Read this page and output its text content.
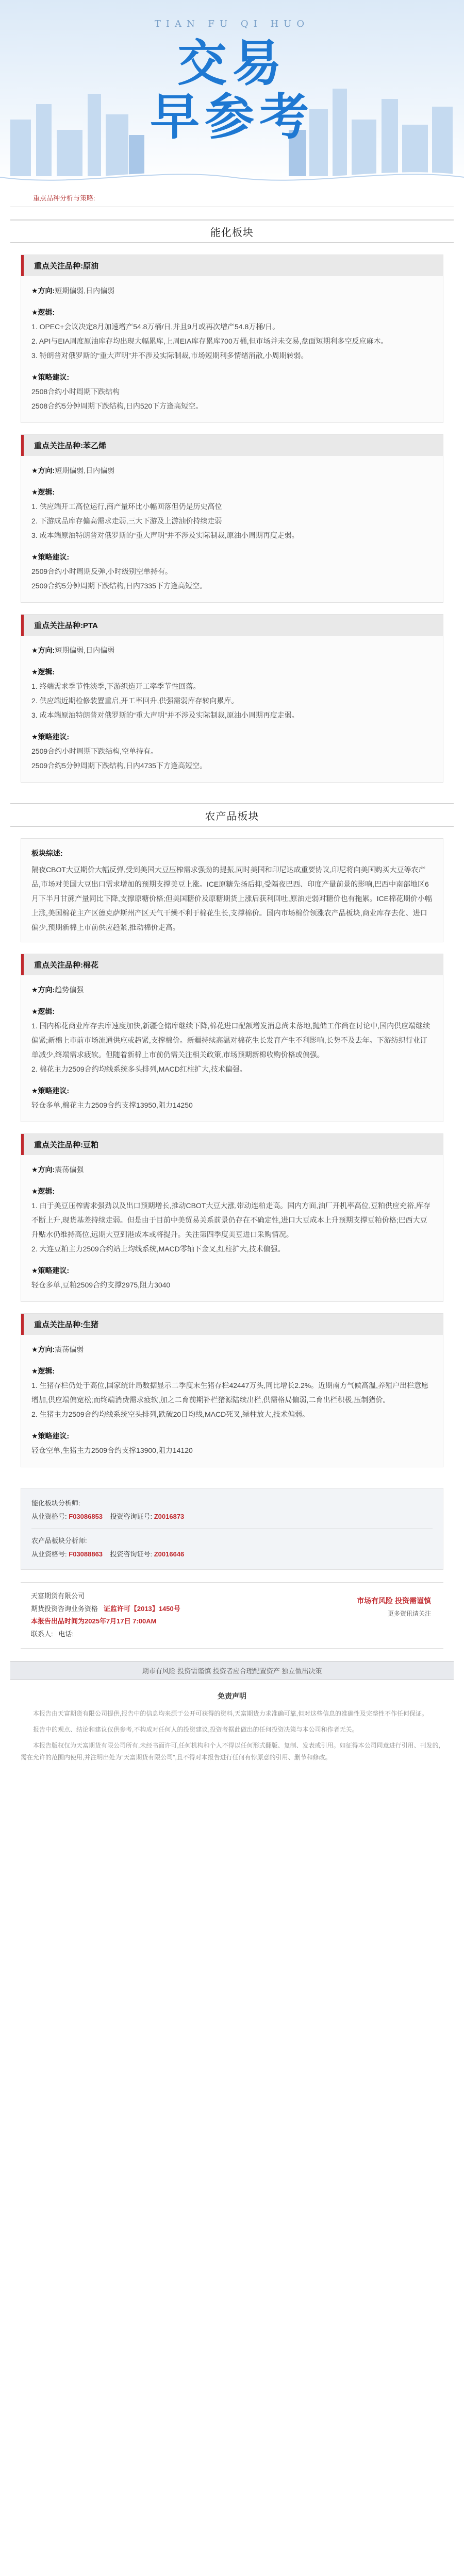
TIAN FU QI HUO
交易
早参考
重点品种分析与策略:
能化板块
重点关注品种:原油

★方向:短期偏弱,日内偏弱

★逻辑:

1. OPEC+会议决定8月加速增产54.8万桶/日,并且9月或再次增产54.8万桶/日。

2. API与EIA周度原油库存均出现大幅累库,上周EIA库存累库700万桶,但市场并未交易,盘面短期利多空反应麻木。

3. 特朗普对俄罗斯的“重大声明”并不涉及实际制裁,市场短期利多情绪消散,小周期转弱。

★策略建议:

2508合约小时周期下跌结构

2508合约5分钟周期下跌结构,日内520下方逢高短空。

重点关注品种:苯乙烯

★方向:短期偏弱,日内偏弱

★逻辑:

1. 供应端开工高位运行,商产量环比小幅回落但仍是历史高位

2. 下游成品库存偏高需求走弱,三大下游及上游油价持续走弱

3. 成本端原油特朗普对俄罗斯的“重大声明”并不涉及实际制裁,原油小周期再度走弱。

★策略建议:

2509合约小时周期反弹,小时级别空单持有。

2509合约5分钟周期下跌结构,日内7335下方逢高短空。

重点关注品种:PTA

★方向:短期偏弱,日内偏弱

★逻辑:

1. 终端需求季节性淡季,下游织造开工率季节性回落。

2. 供应端近期检修装置重启,开工率回升,供强需弱库存转向累库。

3. 成本端原油特朗普对俄罗斯的“重大声明”并不涉及实际制裁,原油小周期再度走弱。

★策略建议:

2509合约小时周期下跌结构,空单持有。

2509合约5分钟周期下跌结构,日内4735下方逢高短空。

农产品板块
板块综述:
隔夜CBOT大豆期价大幅反弹,受到美国大豆压榨需求强劲的提振,同时美国和印尼达成重要协议,印尼将向美国购买大豆等农产品,市场对美国大豆出口需求增加的预期支撑美豆上涨。ICE原糖先扬后抑,受隔夜巴西、印度产量前景的影响,巴西中南部地区6月下半月甘蔗产量同比下降,支撑原糖价格;但美国糖价及原糖期货上涨后获利回吐,原油走弱对糖价也有拖累。ICE棉花期价小幅上涨,美国棉花主产区德克萨斯州产区天气干燥不利于棉花生长,支撑棉价。国内市场棉价领涨农产品板块,商业库存去化、进口偏少,预期新棉上市前供应趋紧,推动棉价走高。
重点关注品种:棉花

★方向:趋势偏强

★逻辑:

1. 国内棉花商业库存去库速度加快,新疆仓储库继续下降,棉花进口配额增发消息尚未落地,抛储工作尚在讨论中,国内供应端继续偏紧;新棉上市前市场流通供应或趋紧,支撑棉价。新疆持续高温对棉花生长发育产生不利影响,长势不及去年。下游纺织行业订单减少,终端需求疲软。但随着新棉上市前仍需关注相关政策,市场预期新棉收购价格或偏强。

2. 棉花主力2509合约均线系统多头排列,MACD红柱扩大,技术偏强。

★策略建议:

轻仓多单,棉花主力2509合约支撑13950,阻力14250

重点关注品种:豆粕

★方向:震荡偏强

★逻辑:

1. 由于美豆压榨需求强劲以及出口预期增长,推动CBOT大豆大涨,带动连粕走高。国内方面,油厂开机率高位,豆粕供应充裕,库存不断上升,现货基差持续走弱。但是由于目前中美贸易关系前景仍存在不确定性,进口大豆成本上升预期支撑豆粕价格;巴西大豆升贴水仍维持高位,远期大豆到港成本或将提升。关注第四季度美豆进口采购情况。

2. 大连豆粕主力2509合约站上均线系统,MACD零轴下金叉,红柱扩大,技术偏强。

★策略建议:

轻仓多单,豆粕2509合约支撑2975,阻力3040

重点关注品种:生猪

★方向:震荡偏弱

★逻辑:

1. 生猪存栏仍处于高位,国家统计局数据显示二季度末生猪存栏42447万头,同比增长2.2%。近期南方气候高温,养殖户出栏意愿增加,供应端偏宽松;而终端消费需求疲软,加之二育前期补栏猪源陆续出栏,供需格局偏弱,二育出栏积极,压制猪价。

2. 生猪主力2509合约均线系统空头排列,跌破20日均线,MACD死叉,绿柱放大,技术偏弱。

★策略建议:

轻仓空单,生猪主力2509合约支撑13900,阻力14120

能化板块分析师:
从业资格号: F03086853 投资咨询证号: Z0016873
农产品板块分析师:
从业资格号: F03088863 投资咨询证号: Z0016646
天富期货有限公司
期货投资咨询业务资格 证监许可【2013】1450号
本报告出品时间为2025年7月17日 7:00AM
联系人: 电话:
市场有风险 投资需谨慎
更多资讯请关注
期市有风险 投资需谨慎 投资者应合理配置资产 独立做出决策
免责声明

本报告由天富期货有限公司提供,报告中的信息均来源于公开可获得的资料,天富期货力求准确可靠,但对这些信息的准确性及完整性不作任何保证。

报告中的观点、结论和建议仅供参考,不构成对任何人的投资建议,投资者据此做出的任何投资决策与本公司和作者无关。

本报告版权仅为天富期货有限公司所有,未经书面许可,任何机构和个人不得以任何形式翻版、复制、发表或引用。如征得本公司同意进行引用、刊发的,需在允许的范围内使用,并注明出处为“天富期货有限公司”,且不得对本报告进行任何有悖原意的引用、删节和修改。
